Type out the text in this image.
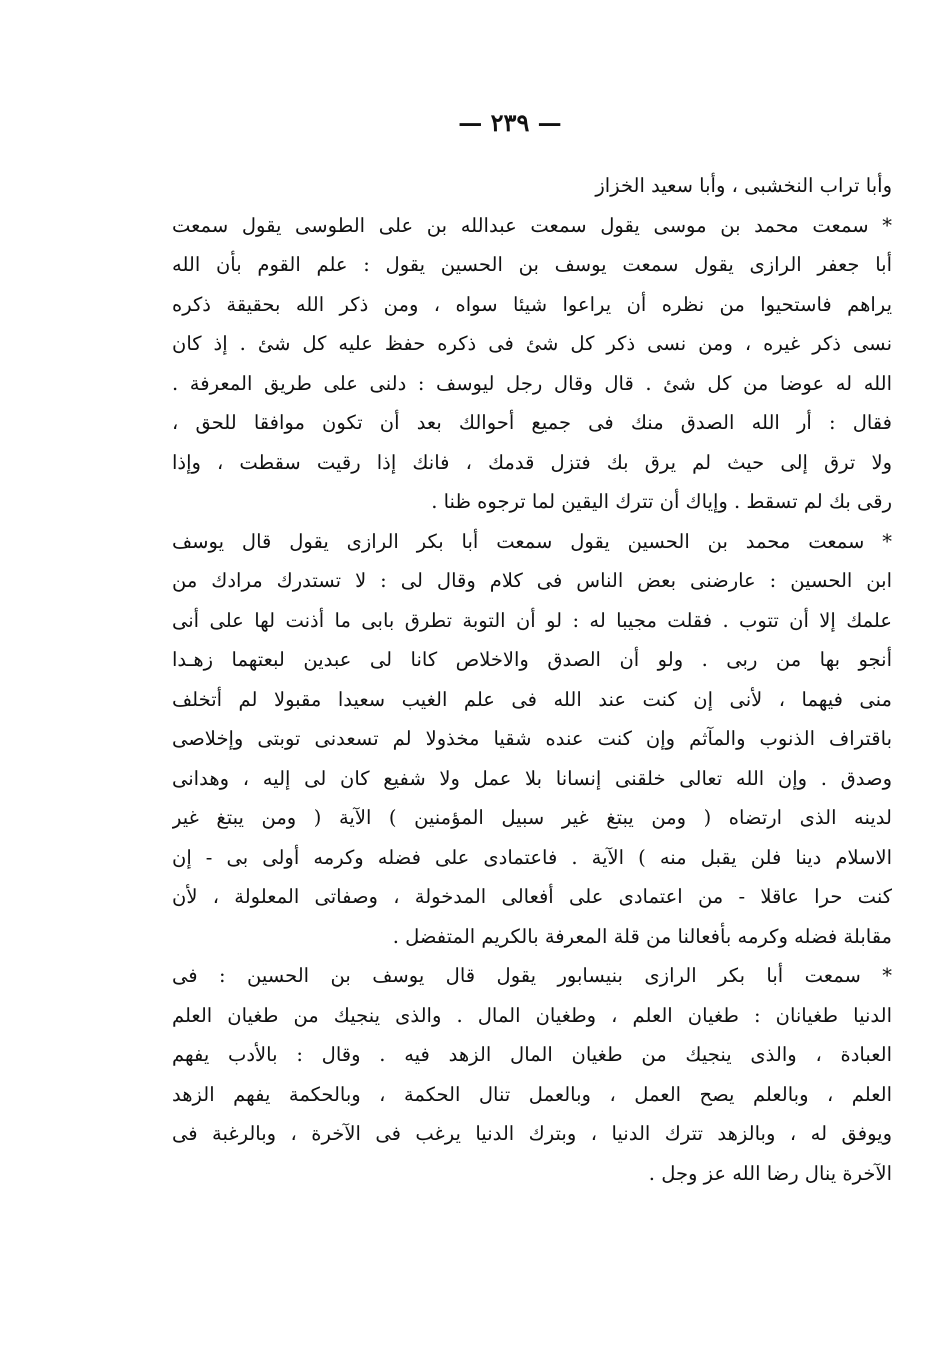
— ٢٣٩ —
وأبا تراب النخشبى ، وأبا سعيد الخزاز
* سمعت محمد بن موسى يقول سمعت عبدالله بن على الطوسى يقول سمعت
أبا جعفر الرازى يقول سمعت يوسف بن الحسين يقول : علم القوم بأن الله
يراهم فاستحيوا من نظره أن يراعوا شيئا سواه ، ومن ذكر الله بحقيقة ذكره
نسى ذكر غيره ، ومن نسى ذكر كل شئ فى ذكره حفظ عليه كل شئ . إذ كان
الله له عوضا من كل شئ . قال وقال رجل ليوسف : دلنى على طريق المعرفة .
فقال : أر الله الصدق منك فى جميع أحوالك بعد أن تكون موافقا للحق ،
ولا ترق إلى حيث لم يرق بك فتزل قدمك ، فانك إذا رقيت سقطت ، وإذا
رقى بك لم تسقط . وإياك أن تترك اليقين لما ترجوه ظنا .
* سمعت محمد بن الحسين يقول سمعت أبا بكر الرازى يقول قال يوسف
ابن الحسين : عارضنى بعض الناس فى كلام وقال لى : لا تستدرك مرادك من
علمك إلا أن تتوب . فقلت مجيبا له : لو أن التوبة تطرق بابى ما أذنت لها على أنى
أنجو بها من ربى . ولو أن الصدق والاخلاص كانا لى عبدين لبعتهما زهـدا
منى فيهما ، لأنى إن كنت عند الله فى علم الغيب سعيدا مقبولا لم أتخلف
باقتراف الذنوب والمآثم وإن كنت عنده شقيا مخذولا لم تسعدنى توبتى وإخلاصى
وصدق . وإن الله تعالى خلقنى إنسانا بلا عمل ولا شفيع كان لى إليه ، وهدانى
لدينه الذى ارتضاه ( ومن يبتغ غير سبيل المؤمنين ) الآية ( ومن يبتغ غير
الاسلام دينا فلن يقبل منه ) الآية . فاعتمادى على فضله وكرمه أولى بى - إن
كنت حرا عاقلا - من اعتمادى على أفعالى المدخولة ، وصفاتى المعلولة ، لأن
مقابلة فضله وكرمه بأفعالنا من قلة المعرفة بالكريم المتفضل .
* سمعت أبا بكر الرازى بنيسابور يقول قال يوسف بن الحسين : فى
الدنيا طغيانان : طغيان العلم ، وطغيان المال . والذى ينجيك من طغيان العلم
العبادة ، والذى ينجيك من طغيان المال الزهد فيه . وقال : بالأدب يفهم
العلم ، وبالعلم يصح العمل ، وبالعمل تنال الحكمة ، وبالحكمة يفهم الزهد
ويوفق له ، وبالزهد تترك الدنيا ، وبترك الدنيا يرغب فى الآخرة ، وبالرغبة فى
الآخرة ينال رضا الله عز وجل .
